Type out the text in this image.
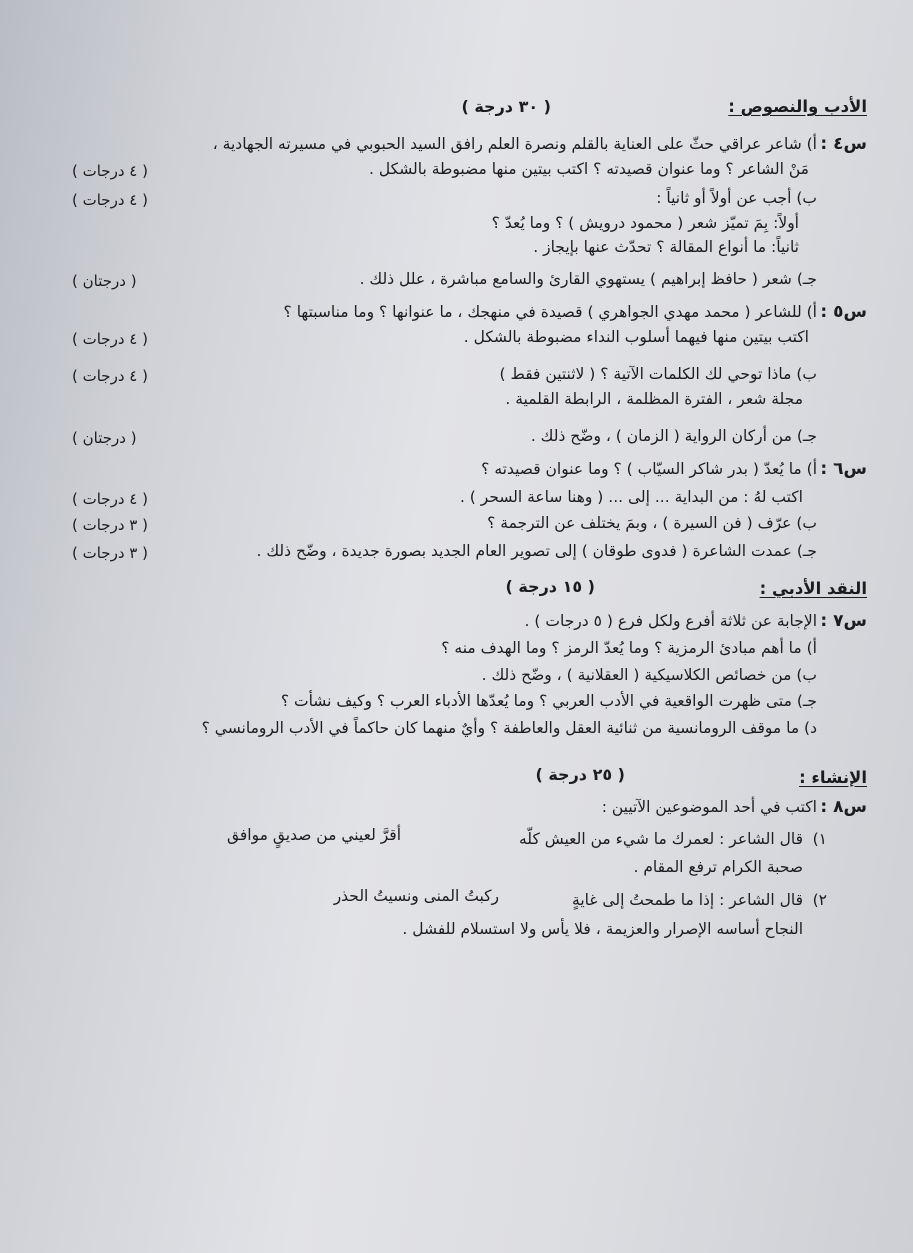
الأدب والنصوص :
( ٣٠ درجة )
س٤ :
أ) شاعر عراقي حثّ على العناية بالقلم ونصرة العلم رافق السيد الحبوبي في مسيرته الجهادية ،
مَنْ الشاعر ؟ وما عنوان قصيدته ؟ اكتب بيتين منها مضبوطة بالشكل .
( ٤ درجات )
ب) أجب عن أولاً أو ثانياً :
( ٤ درجات )
أولاً: بِمَ تميّز شعر ( محمود درويش ) ؟ وما يُعدّ ؟
ثانياً: ما أنواع المقالة ؟ تحدّث عنها بإيجاز .
جـ) شعر ( حافظ إبراهيم ) يستهوي القارئ والسامع مباشرة ، علل ذلك .
( درجتان )
س٥ :
أ) للشاعر ( محمد مهدي الجواهري ) قصيدة في منهجك ، ما عنوانها ؟ وما مناسبتها ؟
اكتب بيتين منها فيهما أسلوب النداء مضبوطة بالشكل .
( ٤ درجات )
ب) ماذا توحي لك الكلمات الآتية ؟ ( لاثنتين فقط )
( ٤ درجات )
مجلة شعر ، الفترة المظلمة ، الرابطة القلمية .
جـ) من أركان الرواية ( الزمان ) ، وضّح ذلك .
( درجتان )
س٦ :
أ) ما يُعدّ ( بدر شاكر السيّاب ) ؟ وما عنوان قصيدته ؟
اكتب لهُ : من البداية ... إلى ... ( وهنا ساعة السحر ) .
( ٤ درجات )
ب) عرّف ( فن السيرة ) ، وبمَ يختلف عن الترجمة ؟
( ٣ درجات )
جـ) عمدت الشاعرة ( فدوى طوقان ) إلى تصوير العام الجديد بصورة جديدة ، وضّح ذلك .
( ٣ درجات )
النقد الأدبي :
( ١٥ درجة )
س٧ :
الإجابة عن ثلاثة أفرع ولكل فرع ( ٥ درجات ) .
أ) ما أهم مبادئ الرمزية ؟ وما يُعدّ الرمز ؟ وما الهدف منه ؟
ب) من خصائص الكلاسيكية ( العقلانية ) ، وضّح ذلك .
جـ) متى ظهرت الواقعية في الأدب العربي ؟ وما يُعدّها الأدباء العرب ؟ وكيف نشأت ؟
د) ما موقف الرومانسية من ثنائية العقل والعاطفة ؟ وأيٌ منهما كان حاكماً في الأدب الرومانسي ؟
الإنشاء :
( ٢٥ درجة )
س٨ :
اكتب في أحد الموضوعين الآتيين :
١)
قال الشاعر : لعمرك ما شيء من العيش كلّه
أقرَّ لعيني من صديقٍ موافق
صحبة الكرام ترفع المقام .
٢)
قال الشاعر : إذا ما طمحتُ إلى غايةٍ
ركبتُ المنى ونسيتُ الحذر
النجاح أساسه الإصرار والعزيمة ، فلا يأس ولا استسلام للفشل .
